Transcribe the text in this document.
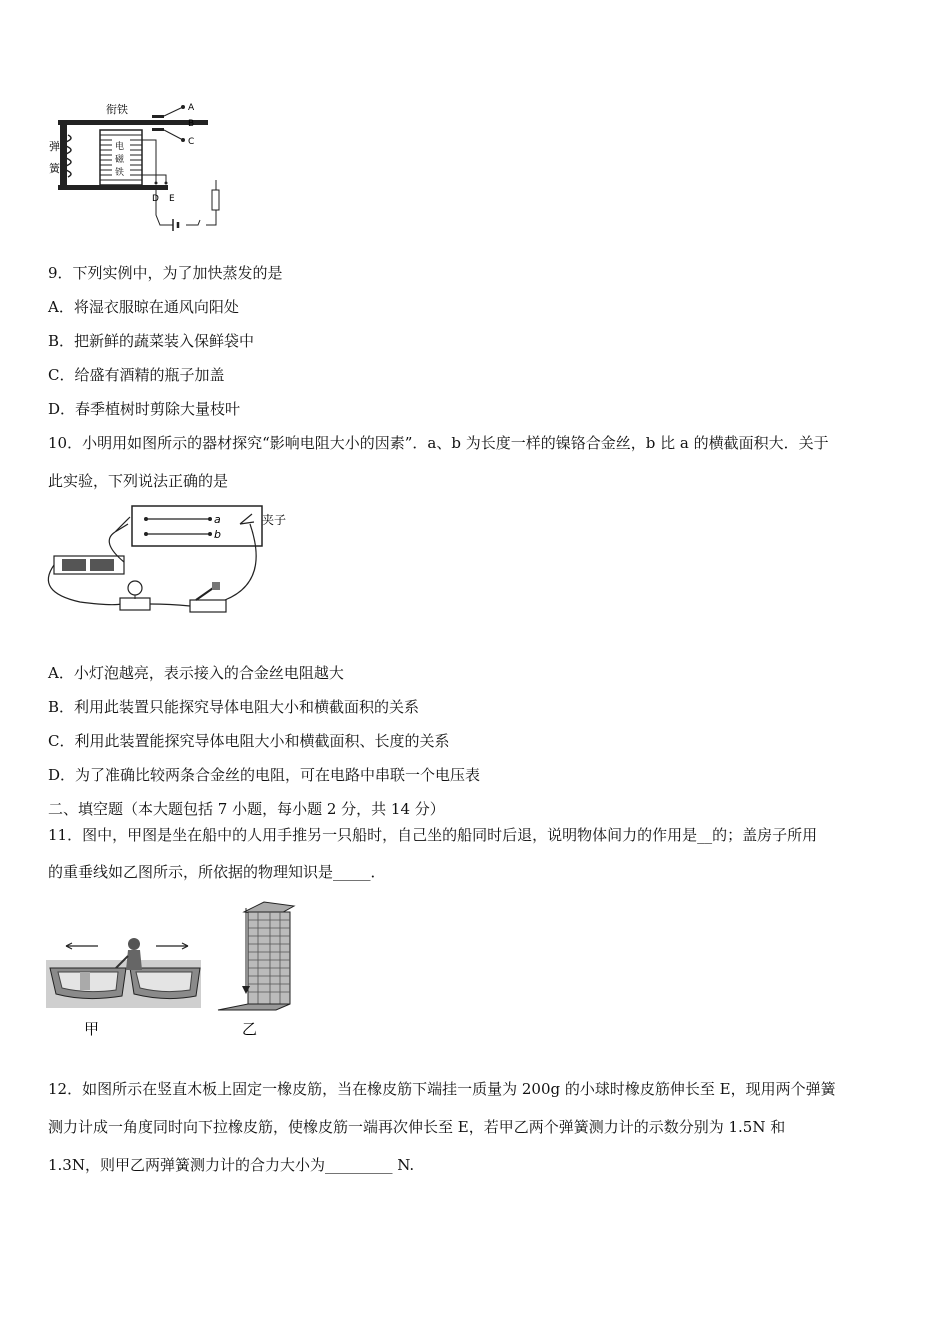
弹
簧
衔铁
电
磁
铁
A
B
C
D E
9．下列实例中，为了加快蒸发的是
A．将湿衣服晾在通风向阳处
B．把新鲜的蔬菜装入保鲜袋中
C．给盛有酒精的瓶子加盖
D．春季植树时剪除大量枝叶
10．小明用如图所示的器材探究“影响电阻大小的因素”．a、b 为长度一样的镍铬合金丝，b 比 a 的横截面积大．关于
此实验，下列说法正确的是
a
b
夹子
A．小灯泡越亮，表示接入的合金丝电阻越大
B．利用此装置只能探究导体电阻大小和横截面积的关系
C．利用此装置能探究导体电阻大小和横截面积、长度的关系
D．为了准确比较两条合金丝的电阻，可在电路中串联一个电压表
二、填空题（本大题包括 7 小题，每小题 2 分，共 14 分）
11．图中，甲图是坐在船中的人用手推另一只船时，自己坐的船同时后退，说明物体间力的作用是__的；盖房子所用
的重垂线如乙图所示，所依据的物理知识是_____．
甲	乙
12．如图所示在竖直木板上固定一橡皮筋，当在橡皮筋下端挂一质量为 200g 的小球时橡皮筋伸长至 E，现用两个弹簧
测力计成一角度同时向下拉橡皮筋，使橡皮筋一端再次伸长至 E，若甲乙两个弹簧测力计的示数分别为 1.5N 和
1.3N，则甲乙两弹簧测力计的合力大小为_________ N.
